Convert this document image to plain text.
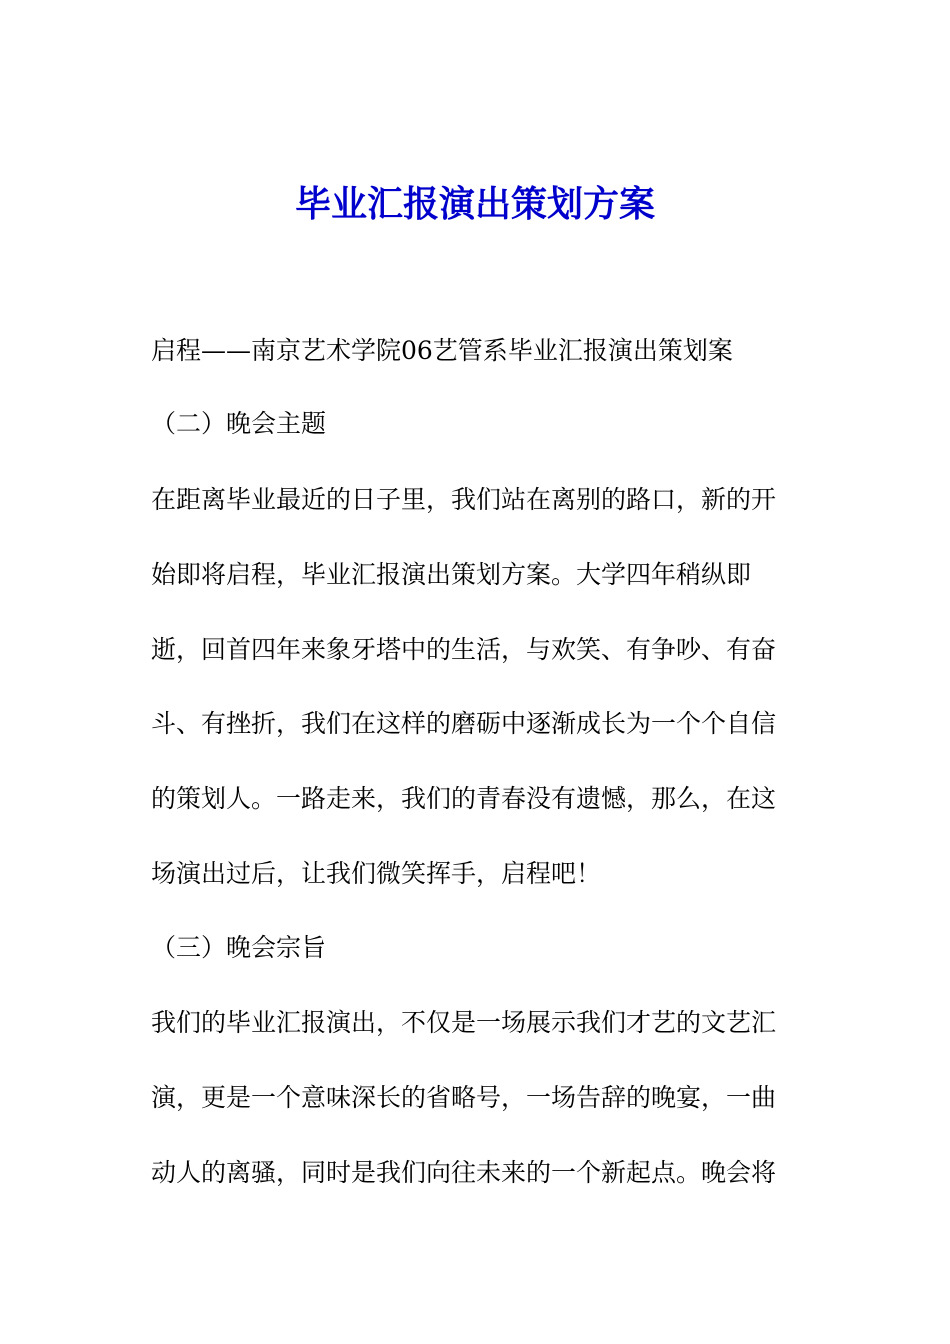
毕业汇报演出策划方案
启程——南京艺术学院06艺管系毕业汇报演出策划案
（二）晚会主题
在距离毕业最近的日子里，我们站在离别的路口，新的开
始即将启程，毕业汇报演出策划方案。大学四年稍纵即
逝，回首四年来象牙塔中的生活，与欢笑、有争吵、有奋
斗、有挫折，我们在这样的磨砺中逐渐成长为一个个自信
的策划人。一路走来，我们的青春没有遗憾，那么，在这
场演出过后，让我们微笑挥手，启程吧！
（三）晚会宗旨
我们的毕业汇报演出，不仅是一场展示我们才艺的文艺汇
演，更是一个意味深长的省略号，一场告辞的晚宴，一曲
动人的离骚，同时是我们向往未来的一个新起点。晚会将
